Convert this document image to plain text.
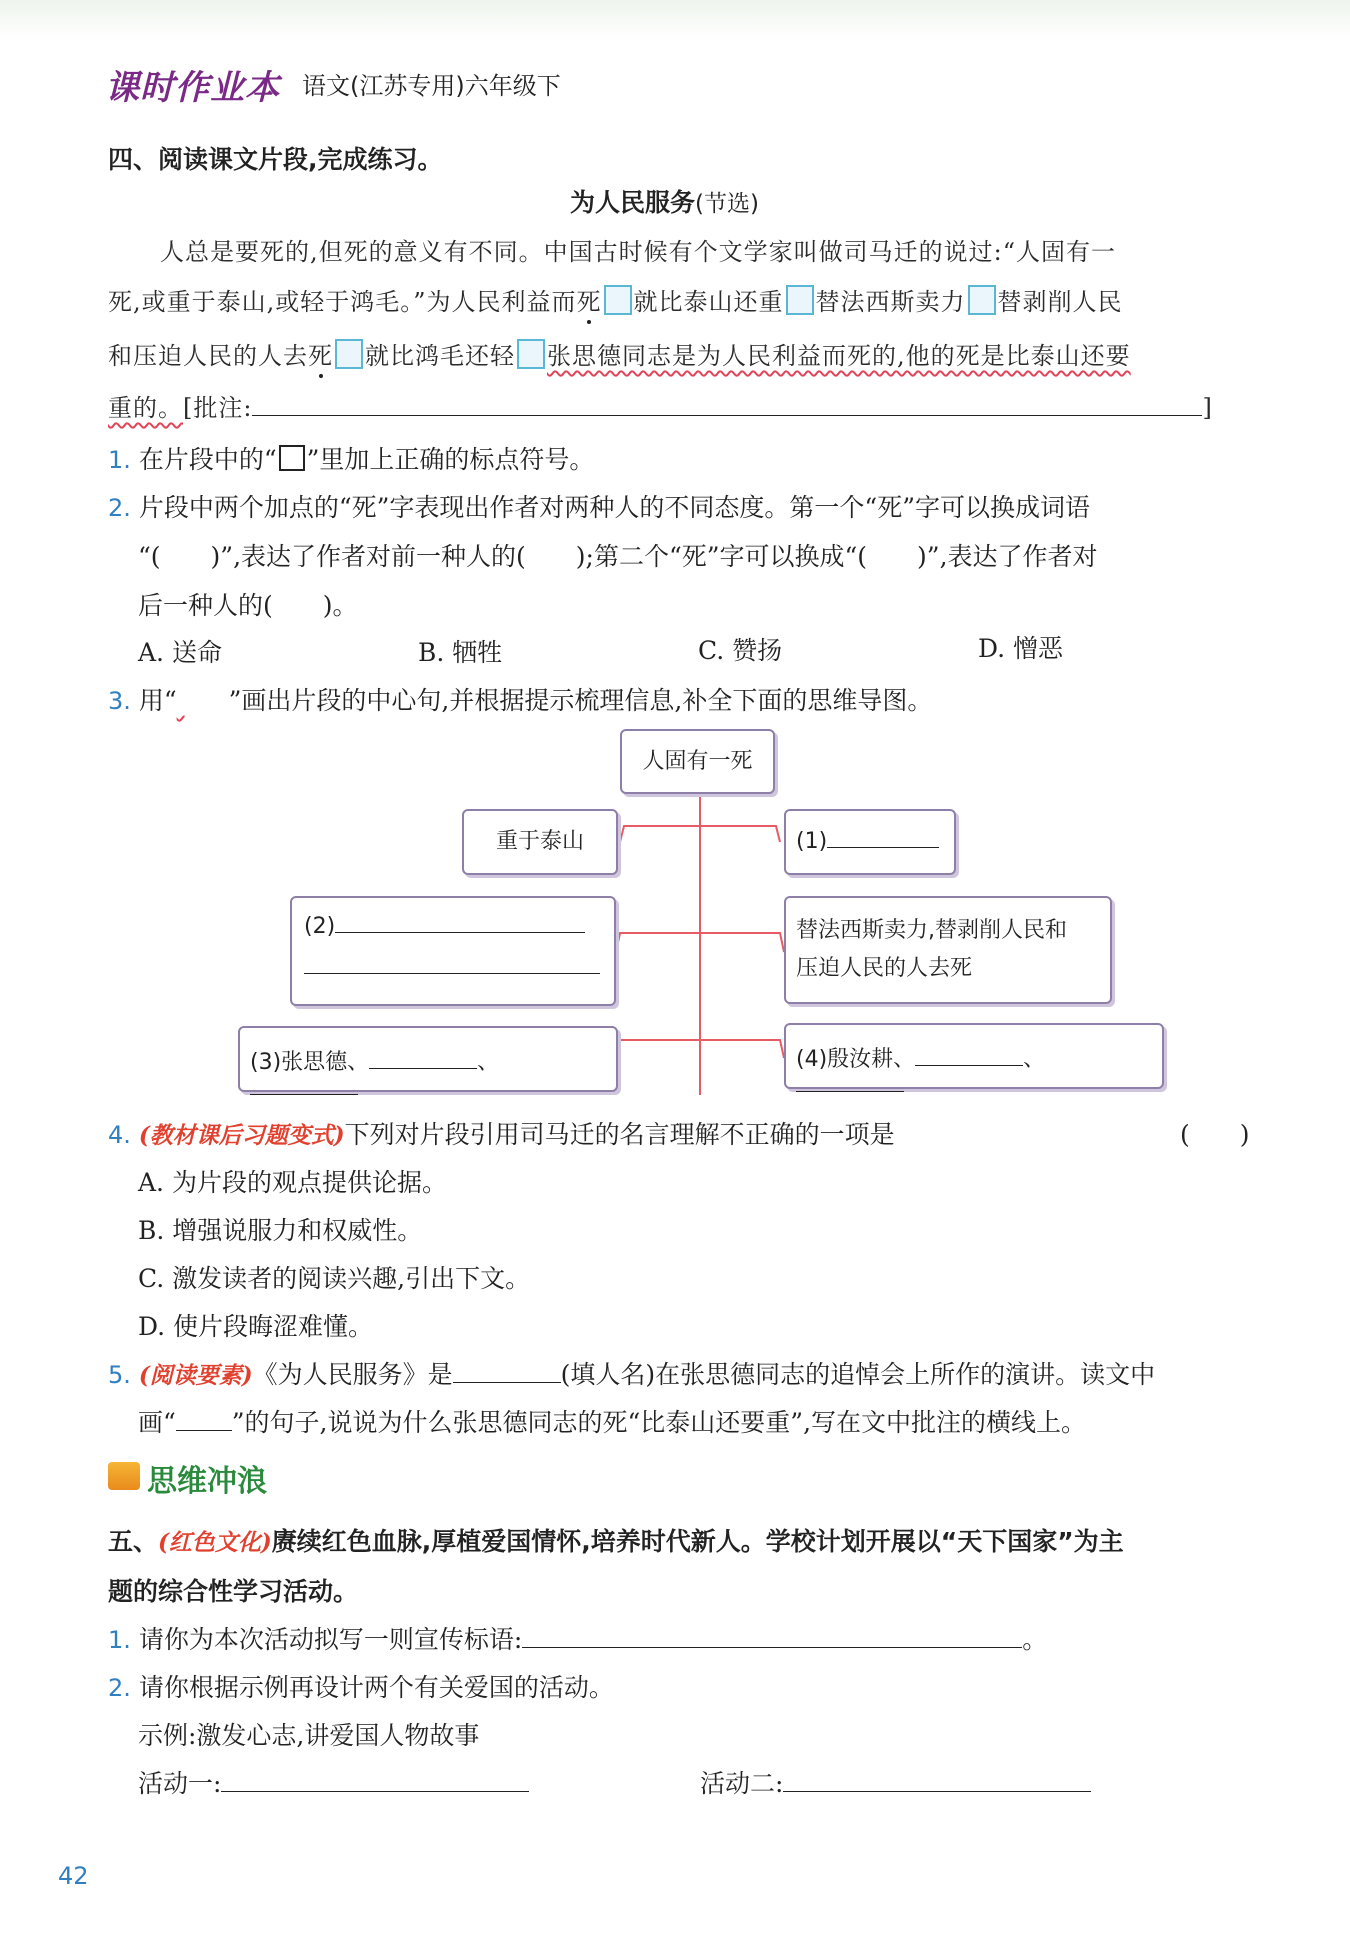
课时作业本 语文(江苏专用)六年级下
四、阅读课文片段,完成练习。
为人民服务(节选)
人总是要死的,但死的意义有不同。中国古时候有个文学家叫做司马迁的说过:“人固有一
死,或重于泰山,或轻于鸿毛。”为人民利益而死 就比泰山还重 替法西斯卖力 替剥削人民
和压迫人民的人去死 就比鸿毛还轻 张思德同志是为人民利益而死的,他的死是比泰山还要
重的。[批注:	]
1. 在片段中的“ ”里加上正确的标点符号。
2. 片段中两个加点的“死”字表现出作者对两种人的不同态度。第一个“死”字可以换成词语
“(　　)”,表达了作者对前一种人的(　　);第二个“死”字可以换成“(　　)”,表达了作者对
后一种人的(　　)。
A. 送命	B. 牺牲	C. 赞扬	D. 憎恶
3. 用“ ”画出片段的中心句,并根据提示梳理信息,补全下面的思维导图。
人固有一死
重于泰山	(1)
(2)	替法西斯卖力,替剥削人民和
压迫人民的人去死
(3)张思德、	、	(4)殷汝耕、	、
4. (教材课后习题变式)下列对片段引用司马迁的名言理解不正确的一项是	(　　)
A. 为片段的观点提供论据。
B. 增强说服力和权威性。
C. 激发读者的阅读兴趣,引出下文。
D. 使片段晦涩难懂。
5. (阅读要素)《为人民服务》是	(填人名)在张思德同志的追悼会上所作的演讲。读文中
画“ ”的句子,说说为什么张思德同志的死“比泰山还要重”,写在文中批注的横线上。
思维冲浪
五、(红色文化)赓续红色血脉,厚植爱国情怀,培养时代新人。学校计划开展以“天下国家”为主
题的综合性学习活动。
1. 请你为本次活动拟写一则宣传标语:	。
2. 请你根据示例再设计两个有关爱国的活动。
示例:激发心志,讲爱国人物故事
活动一:	活动二:
42
